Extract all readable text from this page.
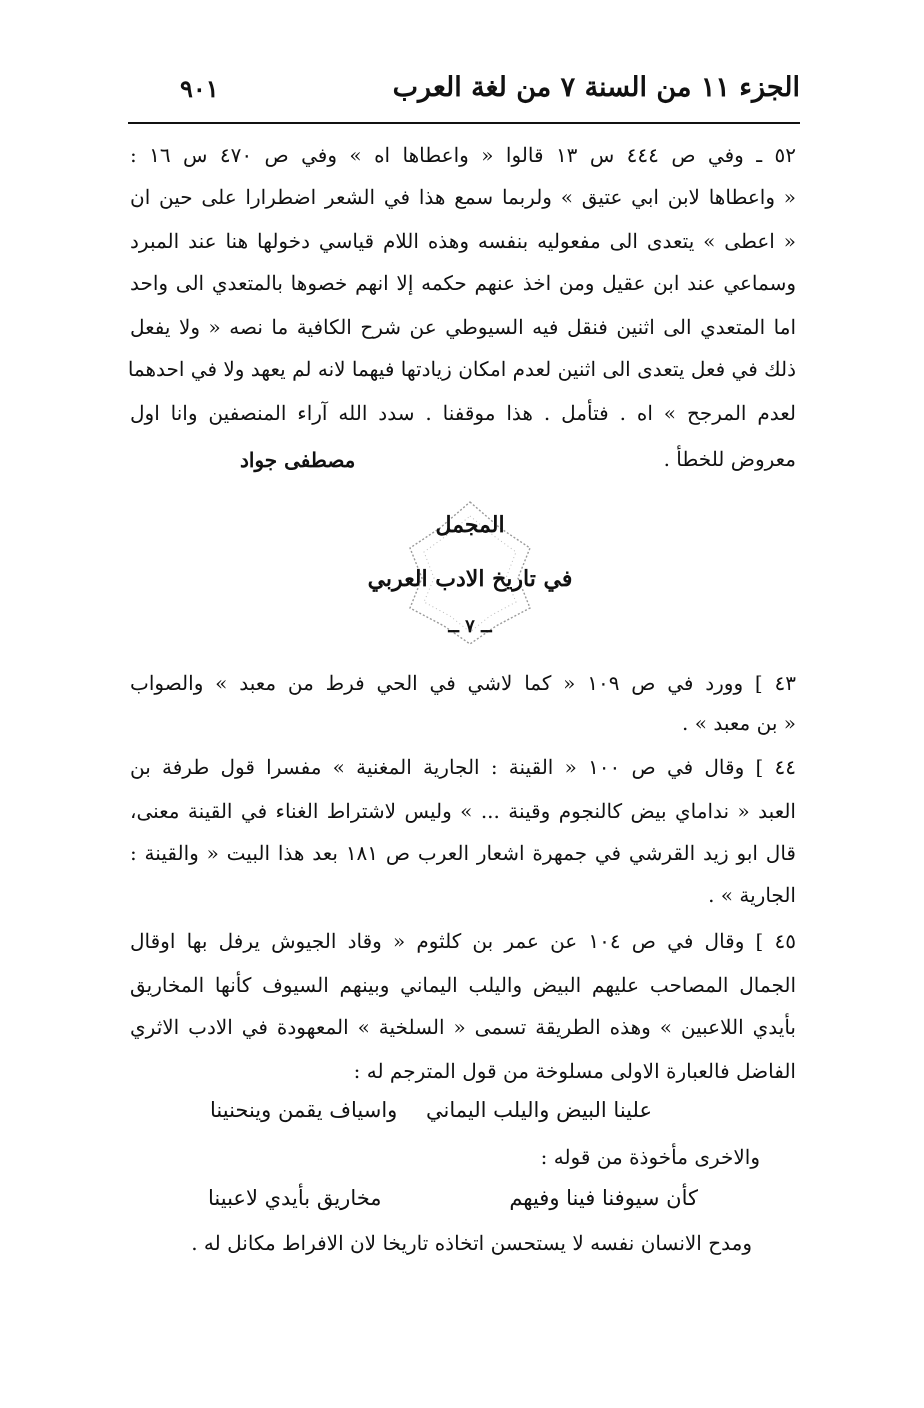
الجزء ١١ من السنة ٧ من لغة العرب
٩٠١
٥٢ ـ وفي ص ٤٤٤ س ١٣ قالوا « واعطاها اه » وفي ص ٤٧٠ س ١٦ :
« واعطاها لابن ابي عتيق » ولربما سمع هذا في الشعر اضطرارا على حين ان
« اعطى » يتعدى الى مفعوليه بنفسه وهذه اللام قياسي دخولها هنا عند المبرد
وسماعي عند ابن عقيل ومن اخذ عنهم حكمه إلا انهم خصوها بالمتعدي الى واحد
اما المتعدي الى اثنين فنقل فيه السيوطي عن شرح الكافية ما نصه « ولا يفعل
ذلك في فعل يتعدى الى اثنين لعدم امكان زيادتها فيهما لانه لم يعهد ولا في احدهما
لعدم المرجح » اه . فتأمل . هذا موقفنا . سدد الله آراء المنصفين وانا اول
معروض للخطأ .
مصطفى جواد
المجمل
في تاريخ الادب العربي
ــ ٧ ــ
٤٣ ] وورد في ص ١٠٩ « كما لاشي في الحي فرط من معبد » والصواب
« بن معبد » .
٤٤ ] وقال في ص ١٠٠ « القينة : الجارية المغنية » مفسرا قول طرفة بن
العبد « نداماي بيض كالنجوم وقينة ... » وليس لاشتراط الغناء في القينة معنى،
قال ابو زيد القرشي في جمهرة اشعار العرب ص ١٨١ بعد هذا البيت « والقينة :
الجارية » .
٤٥ ] وقال في ص ١٠٤ عن عمر بن كلثوم « وقاد الجيوش يرفل بها اوقال
الجمال المصاحب عليهم البيض واليلب اليماني وبينهم السيوف كأنها المخاريق
بأيدي اللاعبين » وهذه الطريقة تسمى « السلخية » المعهودة في الادب الاثري
الفاضل فالعبارة الاولى مسلوخة من قول المترجم له :
علينا البيض واليلب اليماني
واسياف يقمن وينحنينا
والاخرى مأخوذة من قوله :
كأن سيوفنا فينا وفيهم
مخاريق بأيدي لاعبينا
ومدح الانسان نفسه لا يستحسن اتخاذه تاريخا لان الافراط مكانل له .
